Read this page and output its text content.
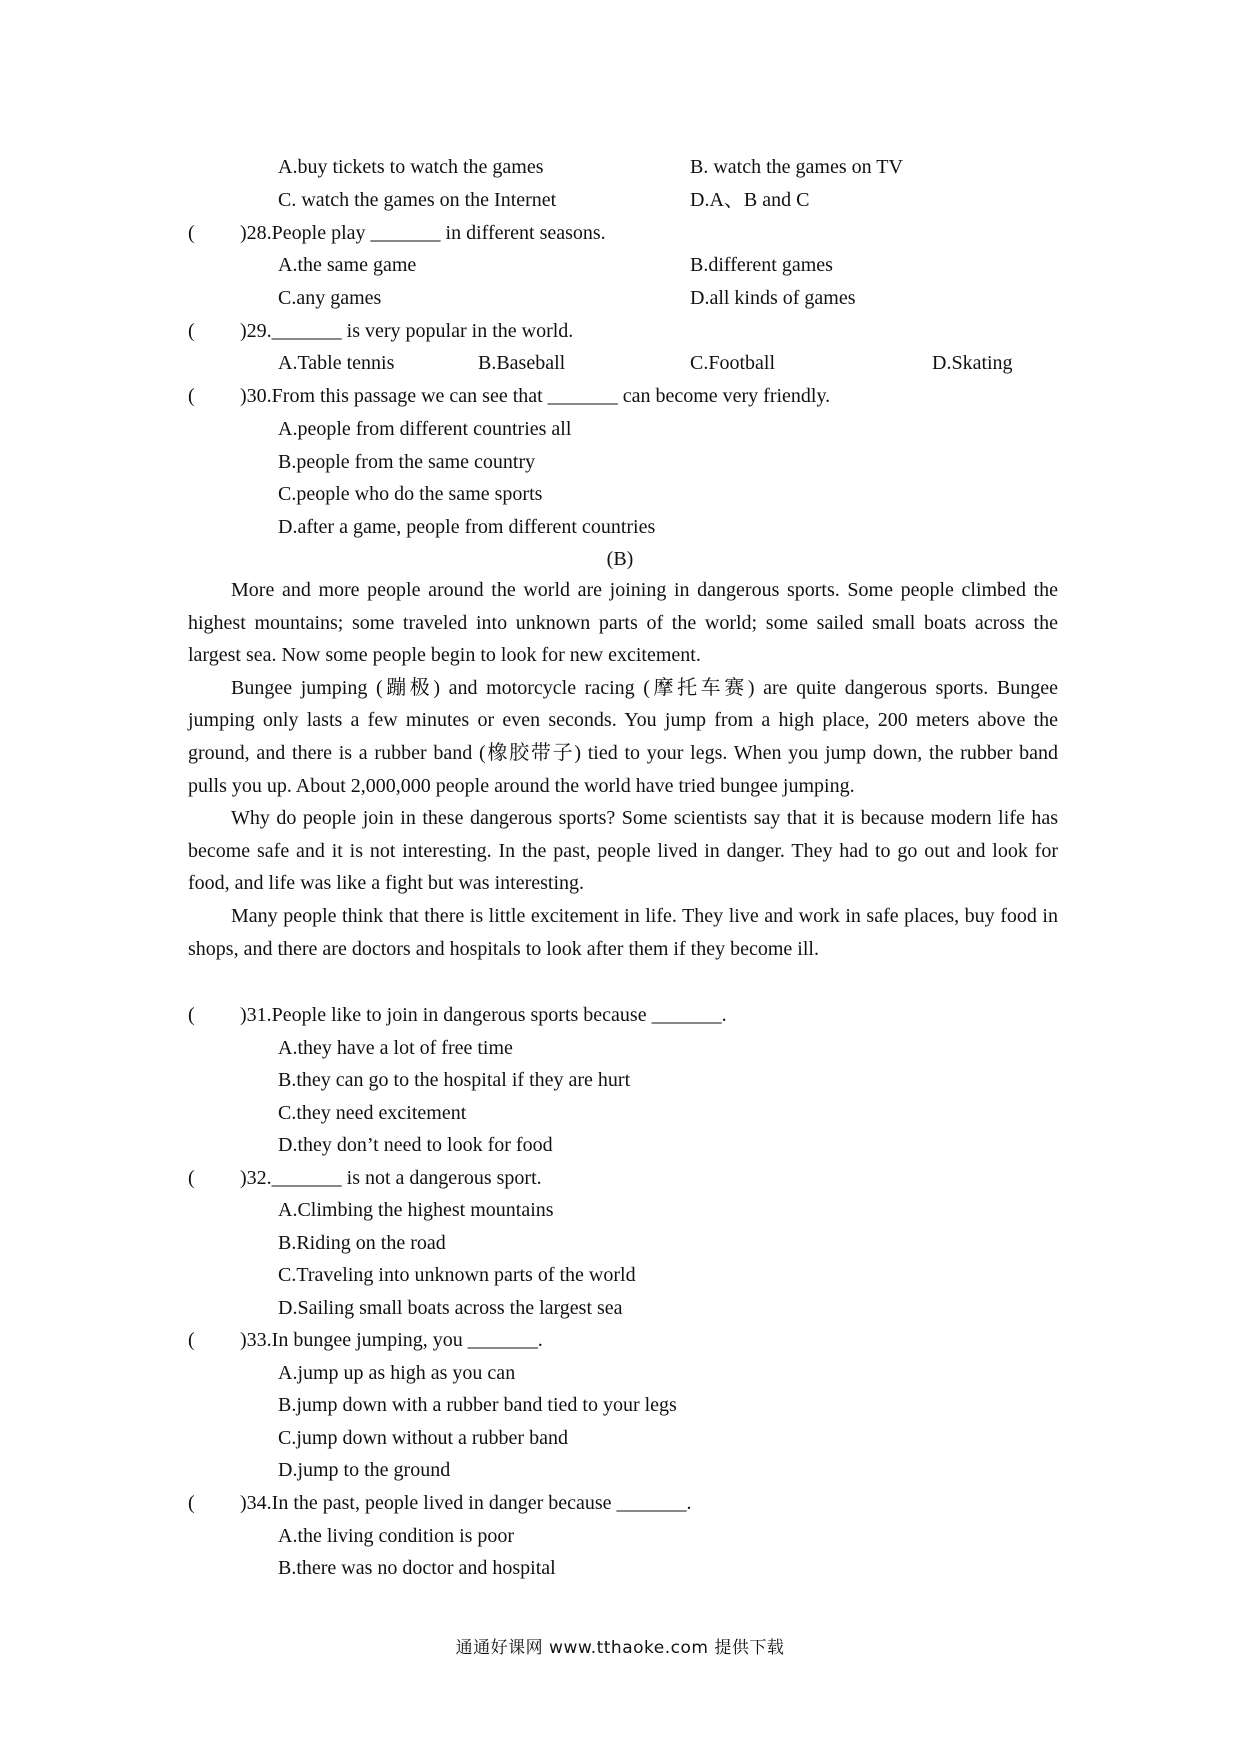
A.buy tickets to watch the games	B. watch the games on TV
C. watch the games on the Internet	D.A、B and C
( )28.People play _______ in different seasons.
A.the same game	B.different games
C.any games	D.all kinds of games
( )29._______ is very popular in the world.
A.Table tennis	B.Baseball	C.Football	D.Skating
( )30.From this passage we can see that _______ can become very friendly.
A.people from different countries all
B.people from the same country
C.people who do the same sports
D.after a game, people from different countries
(B)

More and more people around the world are joining in dangerous sports. Some people climbed the highest mountains; some traveled into unknown parts of the world; some sailed small boats across the largest sea. Now some people begin to look for new excitement.

Bungee jumping (蹦极) and motorcycle racing (摩托车赛) are quite dangerous sports. Bungee jumping only lasts a few minutes or even seconds. You jump from a high place, 200 meters above the ground, and there is a rubber band (橡胶带子) tied to your legs. When you jump down, the rubber band pulls you up. About 2,000,000 people around the world have tried bungee jumping.

Why do people join in these dangerous sports? Some scientists say that it is because modern life has become safe and it is not interesting. In the past, people lived in danger. They had to go out and look for food, and life was like a fight but was interesting.

Many people think that there is little excitement in life. They live and work in safe places, buy food in shops, and there are doctors and hospitals to look after them if they become ill.

( )31.People like to join in dangerous sports because _______.
A.they have a lot of free time
B.they can go to the hospital if they are hurt
C.they need excitement
D.they don’t need to look for food
( )32._______ is not a dangerous sport.
A.Climbing the highest mountains
B.Riding on the road
C.Traveling into unknown parts of the world
D.Sailing small boats across the largest sea
( )33.In bungee jumping, you _______.
A.jump up as high as you can
B.jump down with a rubber band tied to your legs
C.jump down without a rubber band
D.jump to the ground
( )34.In the past, people lived in danger because _______.
A.the living condition is poor
B.there was no doctor and hospital
通通好课网 www.tthaoke.com 提供下载
